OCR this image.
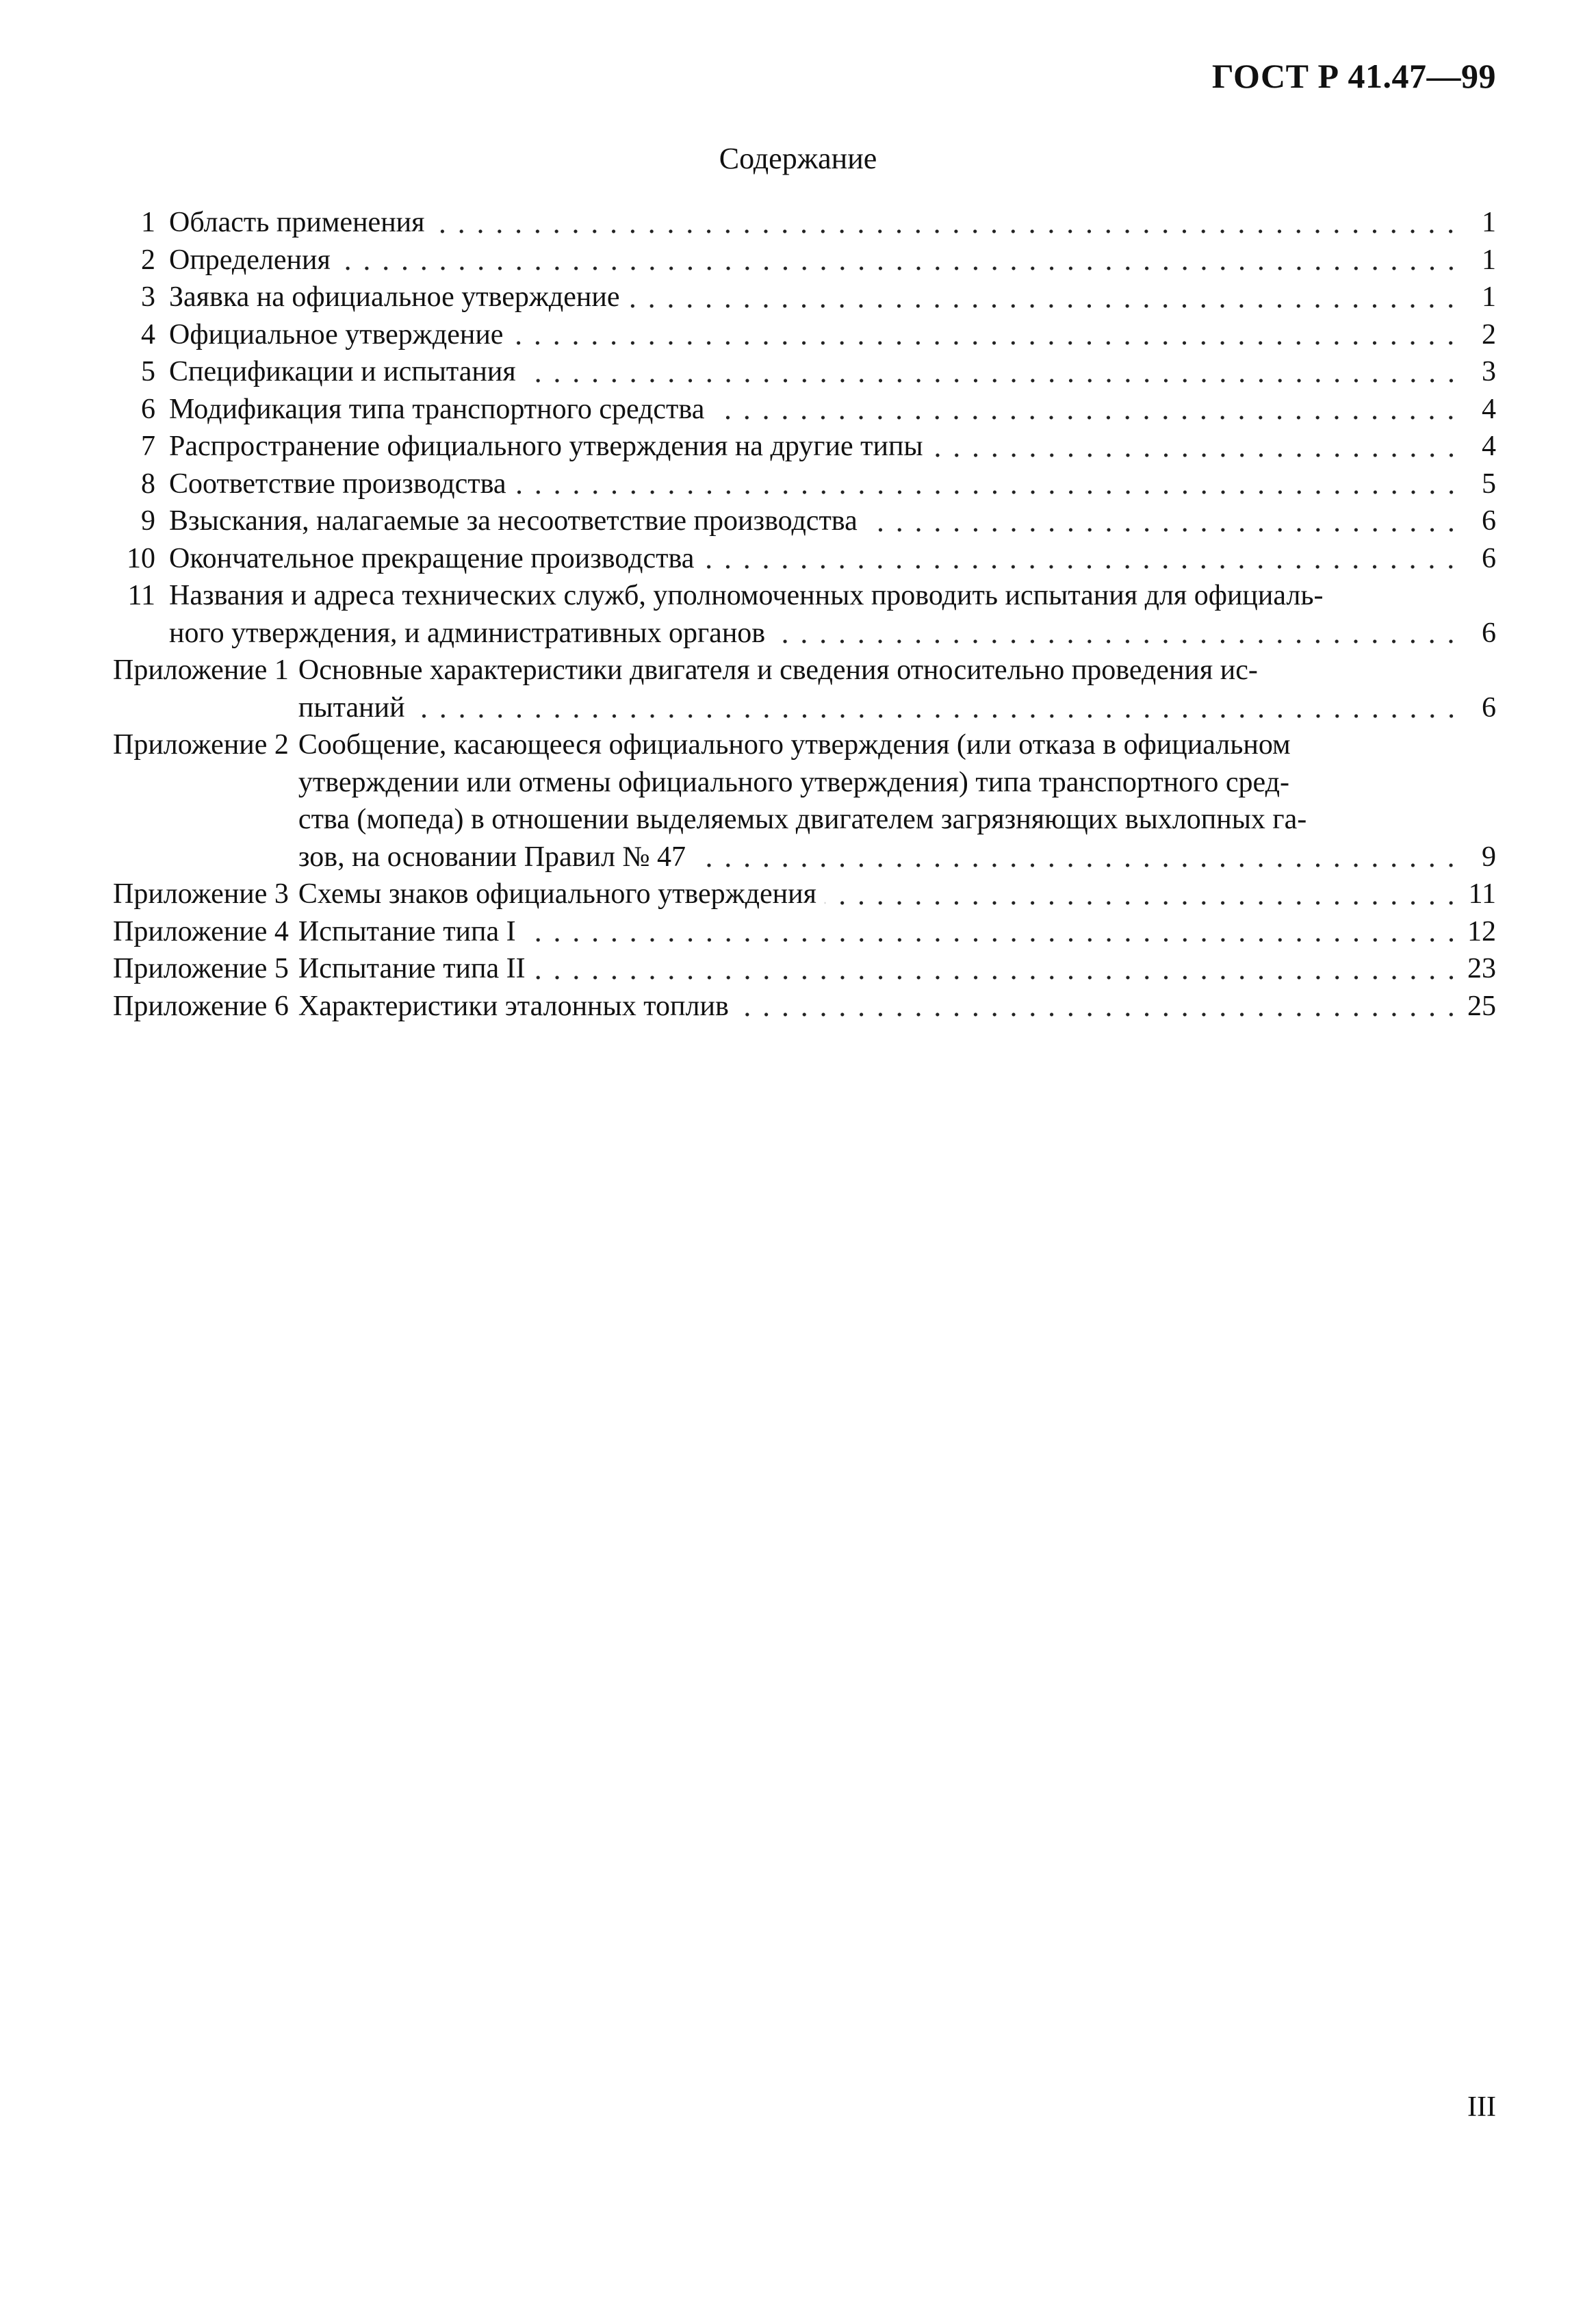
ГОСТ Р 41.47—99
Содержание
1 Область применения	1
2 Определения	1
3 Заявка на официальное утверждение	1
4 Официальное утверждение	2
5 Спецификации и испытания	3
6 Модификация типа транспортного средства	4
7 Распространение официального утверждения на другие типы	4
8 Соответствие производства	5
9 Взыскания, налагаемые за несоответствие производства	6
10 Окончательное прекращение производства	6
11 Названия и адреса технических служб, уполномоченных проводить испытания для официаль-
ного утверждения, и административных органов	6
Приложение 1 Основные характеристики двигателя и сведения относительно проведения ис-
пытаний	6
Приложение 2 Сообщение, касающееся официального утверждения (или отказа в официальном
утверждении или отмены официального утверждения) типа транспортного сред-
ства (мопеда) в отношении выделяемых двигателем загрязняющих выхлопных га-
зов, на основании Правил № 47	9
Приложение 3 Схемы знаков официального утверждения	11
Приложение 4 Испытание типа I	12
Приложение 5 Испытание типа II	23
Приложение 6 Характеристики эталонных топлив	25
III
